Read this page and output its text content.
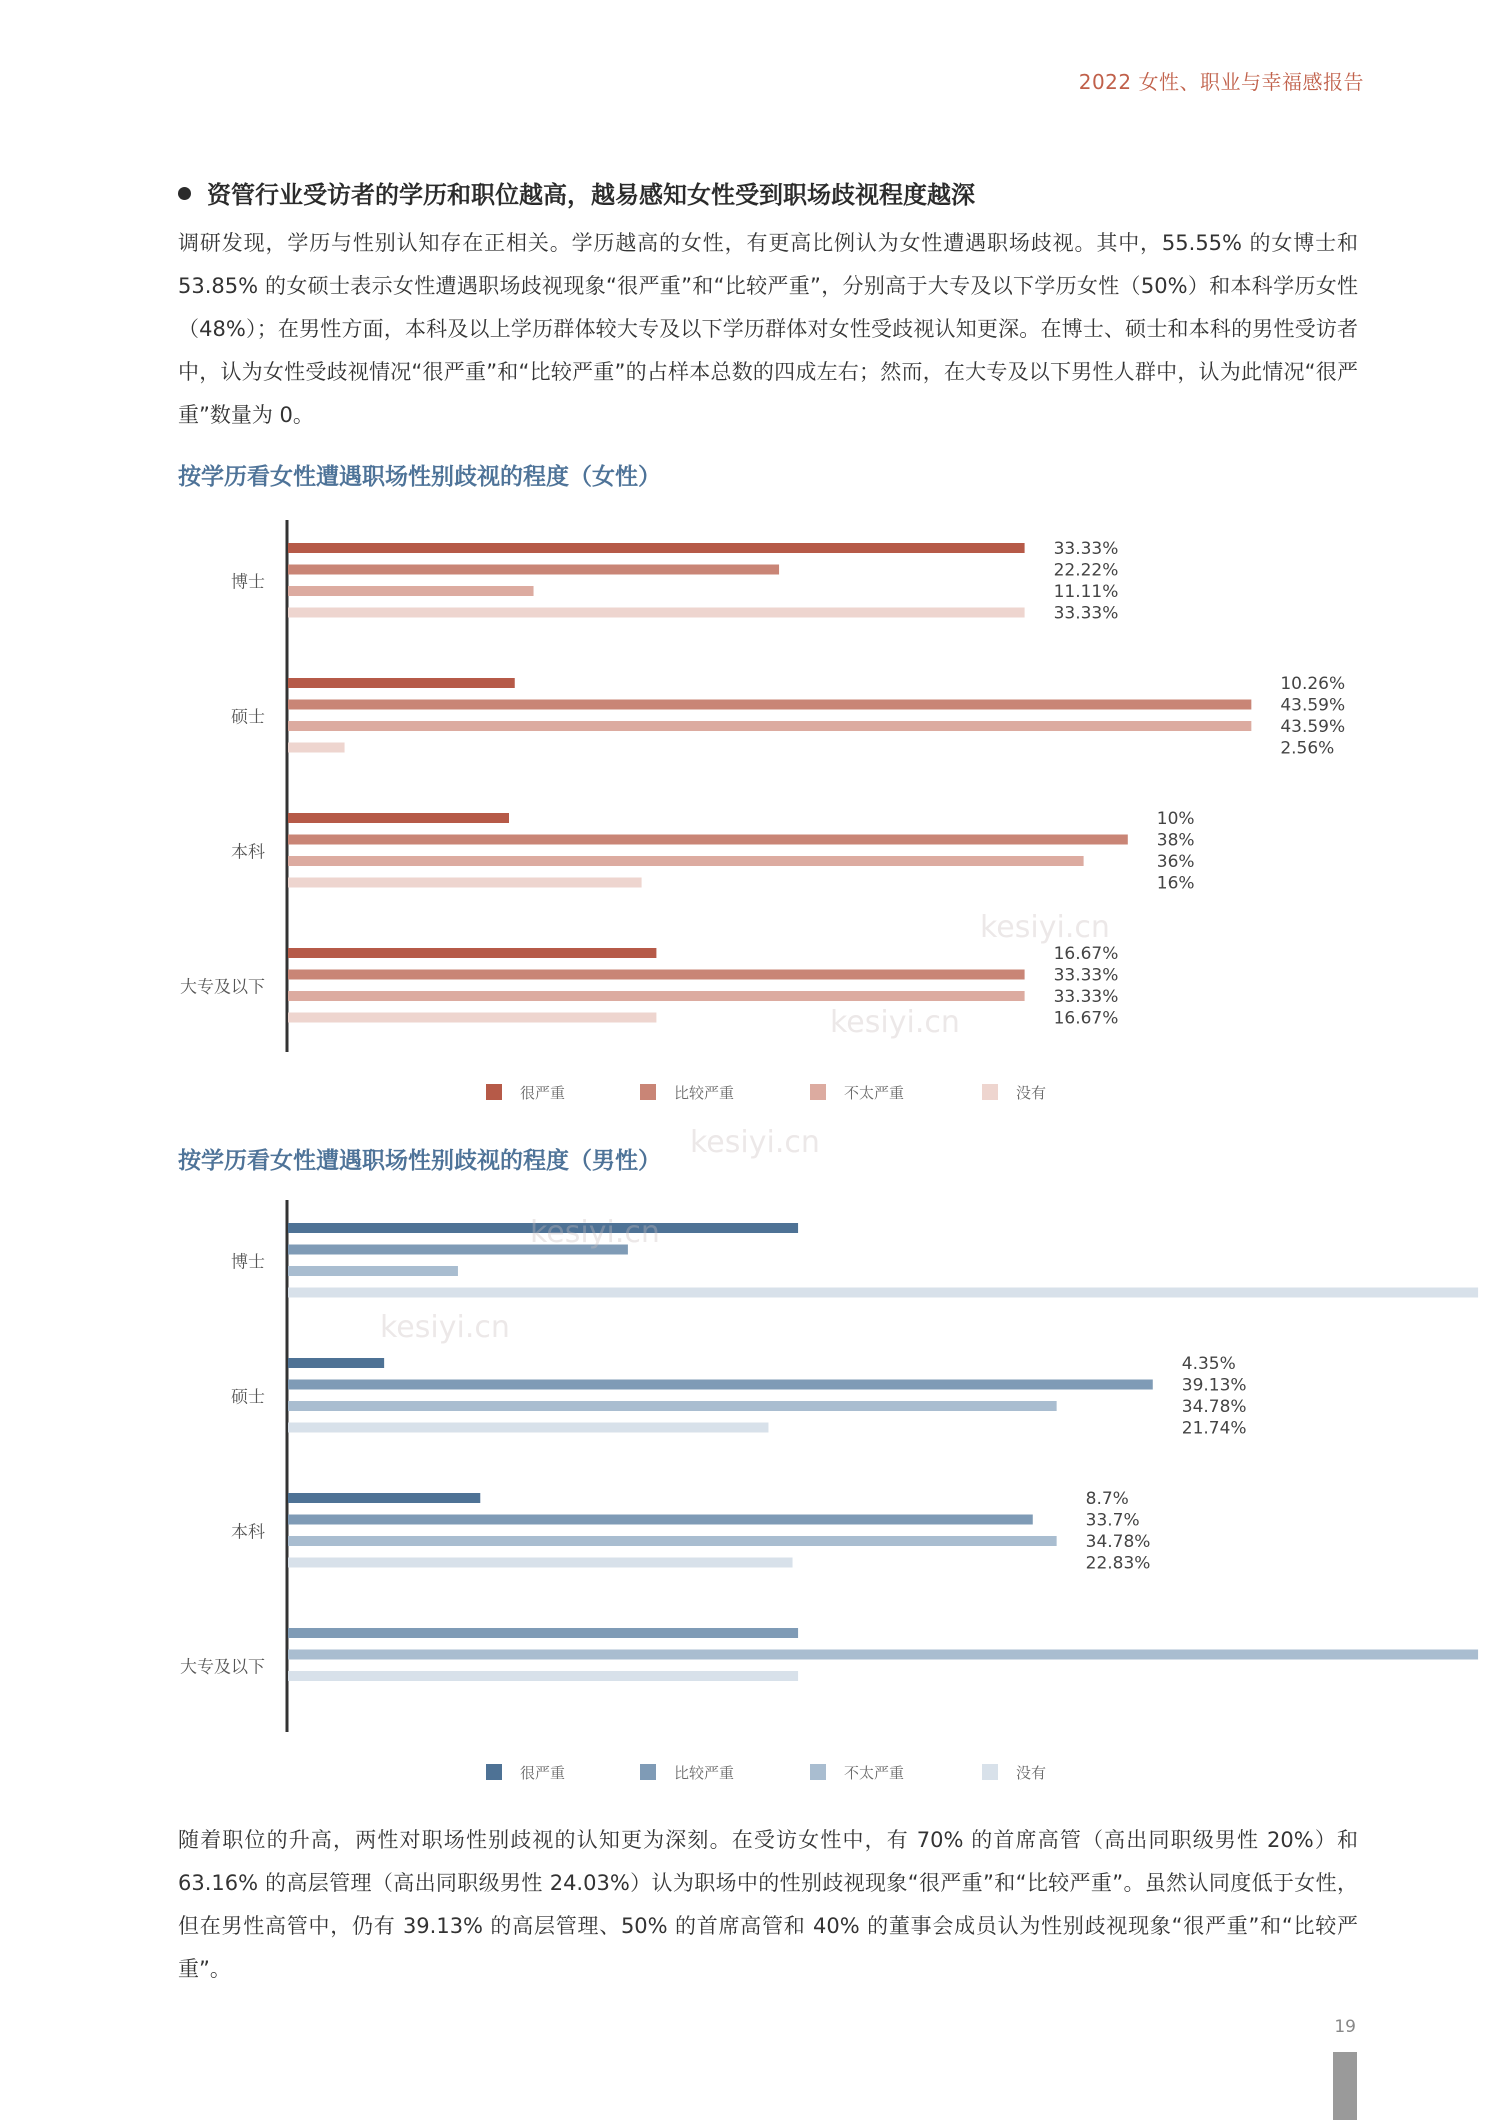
2022 女性、职业与幸福感报告
资管行业受访者的学历和职位越高，越易感知女性受到职场歧视程度越深

调研发现，学历与性别认知存在正相关。学历越高的女性，有更高比例认为女性遭遇职场歧视。其中，55.55% 的女博士和 53.85% 的女硕士表示女性遭遇职场歧视现象“很严重”和“比较严重”，分别高于大专及以下学历女性（50%）和本科学历女性（48%）；在男性方面，本科及以上学历群体较大专及以下学历群体对女性受歧视认知更深。在博士、硕士和本科的男性受访者中，认为女性受歧视情况“很严重”和“比较严重”的占样本总数的四成左右；然而，在大专及以下男性人群中，认为此情况“很严重”数量为 0。

按学历看女性遭遇职场性别歧视的程度（女性）
博士
33.33%
22.22%
11.11%
33.33%
硕士
10.26%
43.59%
43.59%
2.56%
本科
10%
38%
36%
16%
大专及以下
16.67%
33.33%
33.33%
16.67%
很严重	比较严重	不太严重	没有
按学历看女性遭遇职场性别歧视的程度（男性）
博士
硕士
4.35%
39.13%
34.78%
21.74%
本科
8.7%
33.7%
34.78%
22.83%
大专及以下
很严重	比较严重	不太严重	没有

随着职位的升高，两性对职场性别歧视的认知更为深刻。在受访女性中，有 70% 的首席高管（高出同职级男性 20%）和 63.16% 的高层管理（高出同职级男性 24.03%）认为职场中的性别歧视现象“很严重”和“比较严重”。虽然认同度低于女性，但在男性高管中，仍有 39.13% 的高层管理、50% 的首席高管和 40% 的董事会成员认为性别歧视现象“很严重”和“比较严重”。

kesiyi.cn
kesiyi.cn
kesiyi.cn
kesiyi.cn
kesiyi.cn
19
